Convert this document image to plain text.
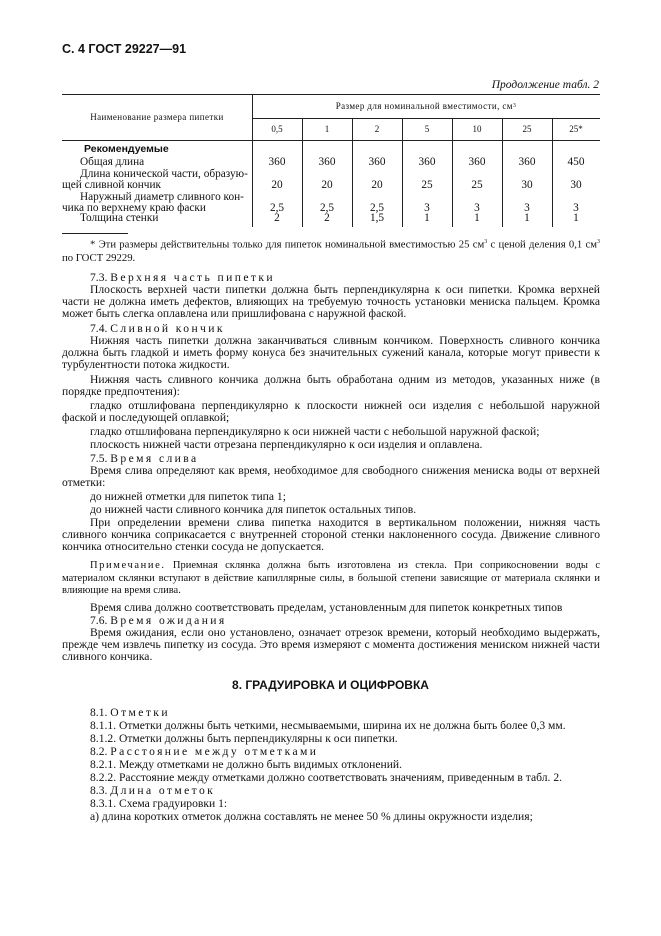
С. 4 ГОСТ 29227—91
Продолжение табл. 2
Наименование размера пипетки
Размер для номинальной вместимости, см 3
0,5	1	2	5	10	25	25*
Рекомендуемые
Общая длина	360	360	360	360	360	360	450
Длина конической части, образую-
щей сливной кончик	20	20	20	25	25	30	30
Наружный диаметр сливного кон-
чика по верхнему краю фаски	2,5	2,5	2,5	3	3	3	3
Толщина стенки	2	2	1,5	1	1	1	1
* Эти размеры действительны только для пипеток номинальной вместимостью 25 $см^3$ с ценой деления 0,1 $см^3$ по ГОСТ 29229.
7.3. Верхняя часть пипетки
Плоскость верхней части пипетки должна быть перпендикулярна к оси пипетки. Кромка верхней части не должна иметь дефектов, влияющих на требуемую точность установки мениска пальцем. Кромка может быть слегка оплавлена или пришлифована с наружной фаской.
7.4. Сливной кончик
Нижняя часть пипетки должна заканчиваться сливным кончиком. Поверхность сливного кончика должна быть гладкой и иметь форму конуса без значительных сужений канала, которые могут привести к турбулентности потока жидкости.
Нижняя часть сливного кончика должна быть обработана одним из методов, указанных ниже (в порядке предпочтения):
гладко отшлифована перпендикулярно к плоскости нижней оси изделия с небольшой наружной фаской и последующей оплавкой;
гладко отшлифована перпендикулярно к оси нижней части с небольшой наружной фаской;
плоскость нижней части отрезана перпендикулярно к оси изделия и оплавлена.
7.5. Время слива
Время слива определяют как время, необходимое для свободного снижения мениска воды от верхней отметки:
до нижней отметки для пипеток типа 1;
до нижней части сливного кончика для пипеток остальных типов.
При определении времени слива пипетка находится в вертикальном положении, нижняя часть сливного кончика соприкасается с внутренней стороной стенки наклоненного сосуда. Движение сливного кончика относительно стенки сосуда не допускается.
Примечание. Приемная склянка должна быть изготовлена из стекла. При соприкосновении воды с материалом склянки вступают в действие капиллярные силы, в большой степени зависящие от материала склянки и влияющие на время слива.
Время слива должно соответствовать пределам, установленным для пипеток конкретных типов
7.6. Время ожидания
Время ожидания, если оно установлено, означает отрезок времени, который необходимо выдержать, прежде чем извлечь пипетку из сосуда. Это время измеряют с момента достижения мениском нижней части сливного кончика.
8. ГРАДУИРОВКА И ОЦИФРОВКА
8.1. Отметки
8.1.1. Отметки должны быть четкими, несмываемыми, ширина их не должна быть более 0,3 мм.
8.1.2. Отметки должны быть перпендикулярны к оси пипетки.
8.2. Расстояние между отметками
8.2.1. Между отметками не должно быть видимых отклонений.
8.2.2. Расстояние между отметками должно соответствовать значениям, приведенным в табл. 2.
8.3. Длина отметок
8.3.1. Схема градуировки 1:
а) длина коротких отметок должна составлять не менее 50 % длины окружности изделия;
